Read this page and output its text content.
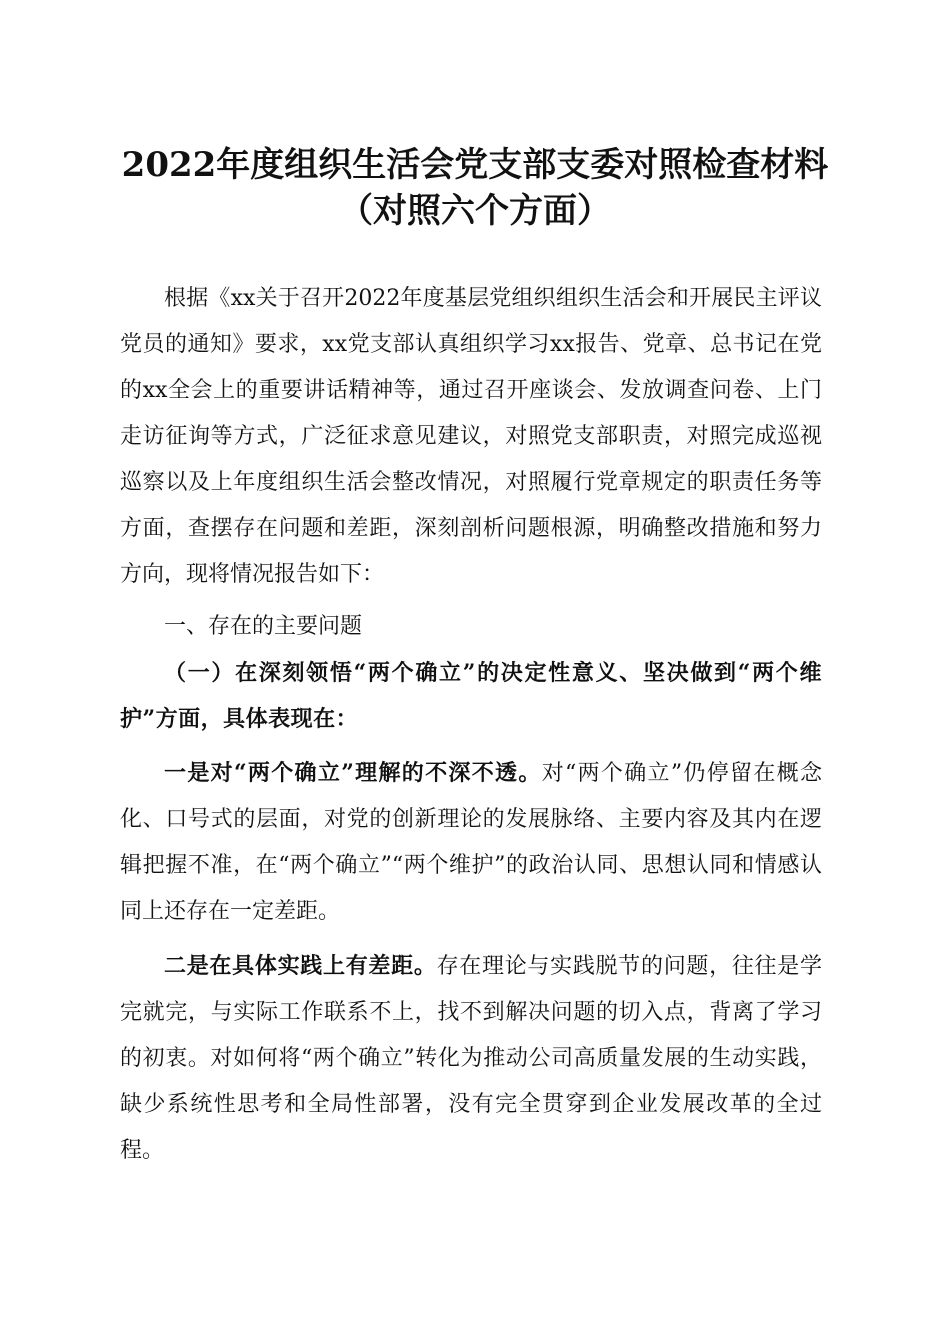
2022年度组织生活会党支部支委对照检查材料（对照六个方面）

根据《xx关于召开2022年度基层党组织组织生活会和开展民主评议党员的通知》要求，xx党支部认真组织学习xx报告、党章、总书记在党的xx全会上的重要讲话精神等，通过召开座谈会、发放调查问卷、上门走访征询等方式，广泛征求意见建议，对照党支部职责，对照完成巡视巡察以及上年度组织生活会整改情况，对照履行党章规定的职责任务等方面，查摆存在问题和差距，深刻剖析问题根源，明确整改措施和努力方向，现将情况报告如下：

一、存在的主要问题

（一）在深刻领悟“两个确立”的决定性意义、坚决做到“两个维护”方面，具体表现在：

一是对“两个确立”理解的不深不透。对“两个确立”仍停留在概念化、口号式的层面，对党的创新理论的发展脉络、主要内容及其内在逻辑把握不准，在“两个确立”“两个维护”的政治认同、思想认同和情感认同上还存在一定差距。

二是在具体实践上有差距。存在理论与实践脱节的问题，往往是学完就完，与实际工作联系不上，找不到解决问题的切入点，背离了学习的初衷。对如何将“两个确立”转化为推动公司高质量发展的生动实践，缺少系统性思考和全局性部署，没有完全贯穿到企业发展改革的全过程。
